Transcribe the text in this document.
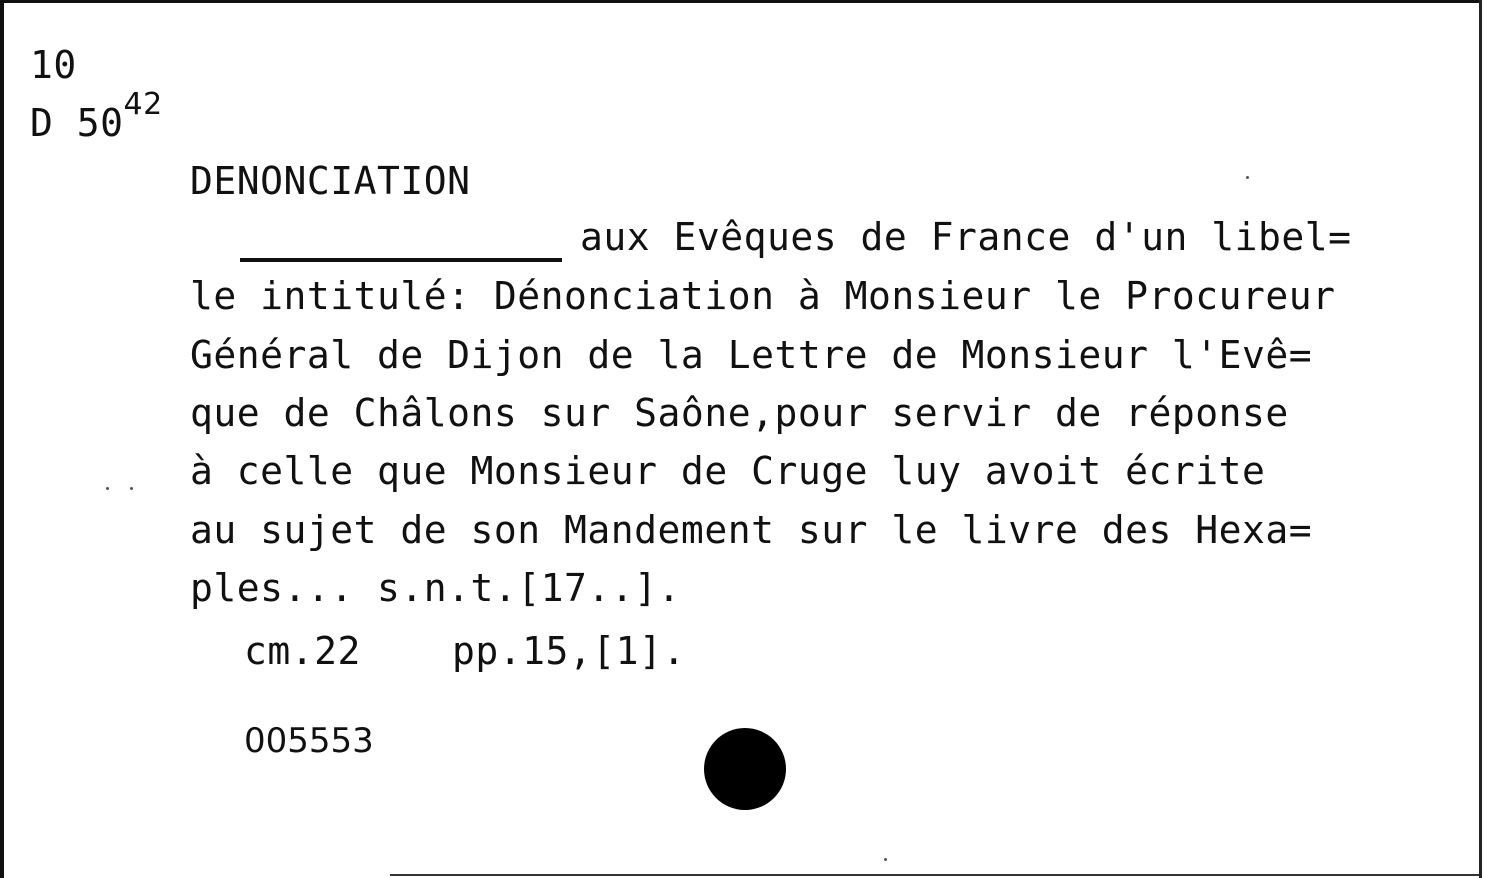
10
D $50^{42}$
DENONCIATION
aux Evêques de France d'un libel=
le intitulé: Dénonciation à Monsieur le Procureur
Général de Dijon de la Lettre de Monsieur l'Evê=
que de Châlons sur Saône,pour servir de réponse
à celle que Monsieur de Cruge luy avoit écrite
au sujet de son Mandement sur le livre des Hexa=
ples... s.n.t.[17..].
cm.22 pp.15,[1].
005553
